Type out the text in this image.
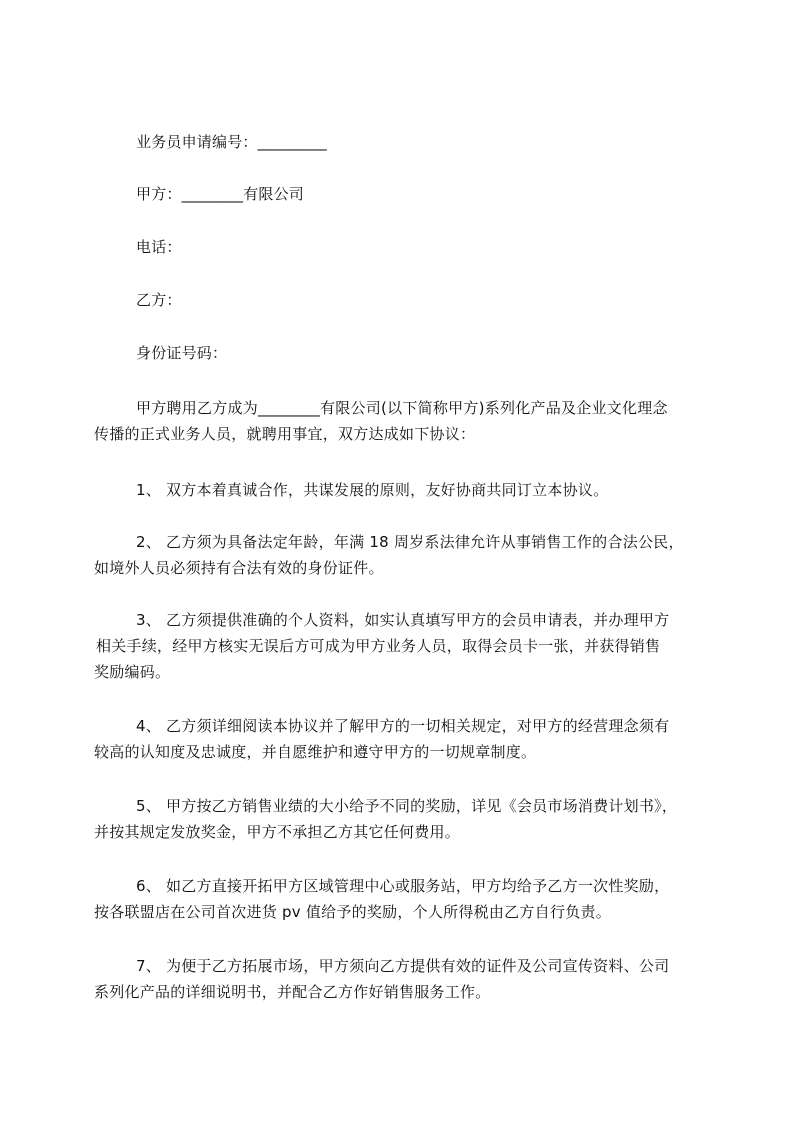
业务员申请编号：_________
甲方：________有限公司
电话：
乙方：
身份证号码：
甲方聘用乙方成为________有限公司(以下简称甲方)系列化产品及企业文化理念
传播的正式业务人员，就聘用事宜，双方达成如下协议：
1、 双方本着真诚合作，共谋发展的原则，友好协商共同订立本协议。
2、 乙方须为具备法定年龄，年满 18 周岁系法律允许从事销售工作的合法公民，
如境外人员必须持有合法有效的身份证件。
3、 乙方须提供准确的个人资料，如实认真填写甲方的会员申请表，并办理甲方
相关手续，经甲方核实无误后方可成为甲方业务人员，取得会员卡一张，并获得销售
奖励编码。
4、 乙方须详细阅读本协议并了解甲方的一切相关规定，对甲方的经营理念须有
较高的认知度及忠诚度，并自愿维护和遵守甲方的一切规章制度。
5、 甲方按乙方销售业绩的大小给予不同的奖励，详见《会员市场消费计划书》，
并按其规定发放奖金，甲方不承担乙方其它任何费用。
6、 如乙方直接开拓甲方区域管理中心或服务站，甲方均给予乙方一次性奖励，
按各联盟店在公司首次进货 pv 值给予的奖励，个人所得税由乙方自行负责。
7、 为便于乙方拓展市场，甲方须向乙方提供有效的证件及公司宣传资料、公司
系列化产品的详细说明书，并配合乙方作好销售服务工作。
